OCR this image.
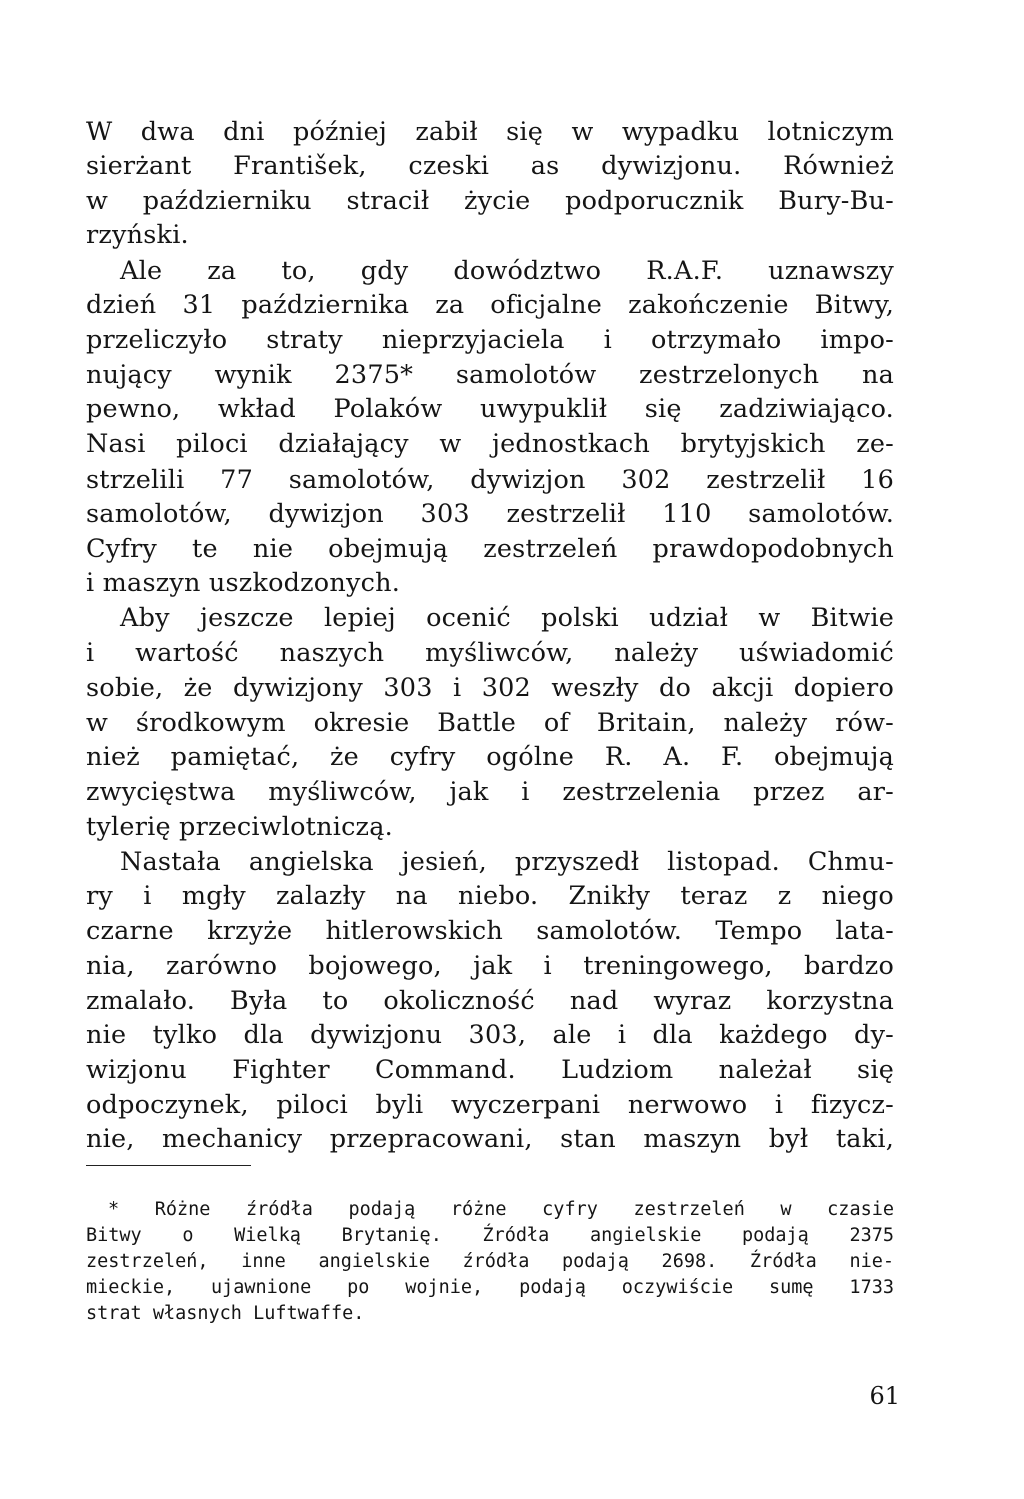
W dwa dni później zabił się w wypadku lotniczym
sierżant František, czeski as dywizjonu. Również
w październiku stracił życie podporucznik Bury-Bu-
rzyński.
Ale za to, gdy dowództwo R.A.F. uznawszy
dzień 31 października za oficjalne zakończenie Bitwy,
przeliczyło straty nieprzyjaciela i otrzymało impo-
nujący wynik 2375* samolotów zestrzelonych na
pewno, wkład Polaków uwypuklił się zadziwiająco.
Nasi piloci działający w jednostkach brytyjskich ze-
strzelili 77 samolotów, dywizjon 302 zestrzelił 16
samolotów, dywizjon 303 zestrzelił 110 samolotów.
Cyfry te nie obejmują zestrzeleń prawdopodobnych
i maszyn uszkodzonych.
Aby jeszcze lepiej ocenić polski udział w Bitwie
i wartość naszych myśliwców, należy uświadomić
sobie, że dywizjony 303 i 302 weszły do akcji dopiero
w środkowym okresie Battle of Britain, należy rów-
nież pamiętać, że cyfry ogólne R. A. F. obejmują
zwycięstwa myśliwców, jak i zestrzelenia przez ar-
tylerię przeciwlotniczą.
Nastała angielska jesień, przyszedł listopad. Chmu-
ry i mgły zalazły na niebo. Znikły teraz z niego
czarne krzyże hitlerowskich samolotów. Tempo lata-
nia, zarówno bojowego, jak i treningowego, bardzo
zmalało. Była to okoliczność nad wyraz korzystna
nie tylko dla dywizjonu 303, ale i dla każdego dy-
wizjonu Fighter Command. Ludziom należał się
odpoczynek, piloci byli wyczerpani nerwowo i fizycz-
nie, mechanicy przepracowani, stan maszyn był taki,
* Różne źródła podają różne cyfry zestrzeleń w czasie
Bitwy o Wielką Brytanię. Źródła angielskie podają 2375
zestrzeleń, inne angielskie źródła podają 2698. Źródła nie-
mieckie, ujawnione po wojnie, podają oczywiście sumę 1733
strat własnych Luftwaffe.
61
